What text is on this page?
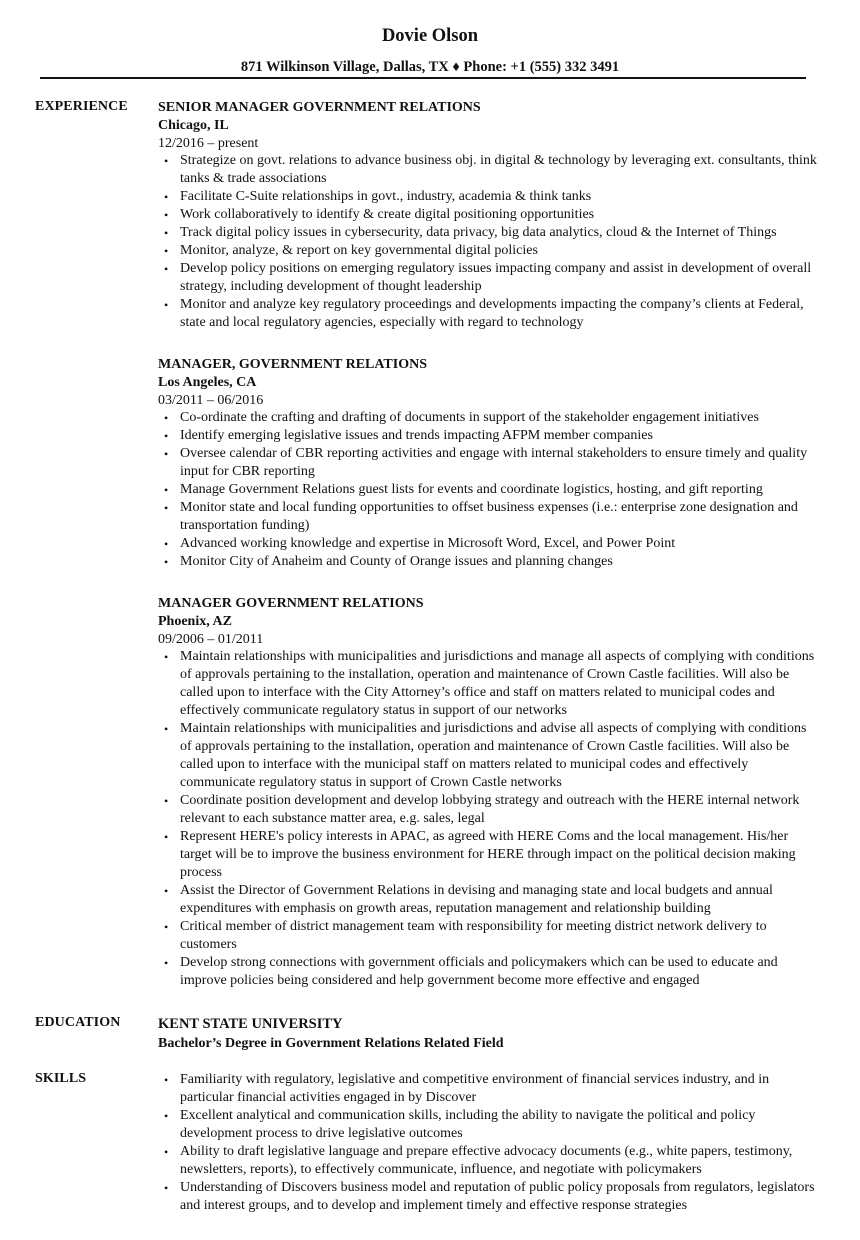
Dovie Olson
871 Wilkinson Village, Dallas, TX ♦ Phone: +1 (555) 332 3491
EXPERIENCE SENIOR MANAGER GOVERNMENT RELATIONS
Chicago, IL
12/2016 – present
• Strategize on govt. relations to advance business obj. in digital & technology by leveraging ext. consultants, think tanks & trade associations
• Facilitate C-Suite relationships in govt., industry, academia & think tanks
• Work collaboratively to identify & create digital positioning opportunities
• Track digital policy issues in cybersecurity, data privacy, big data analytics, cloud & the Internet of Things
• Monitor, analyze, & report on key governmental digital policies
• Develop policy positions on emerging regulatory issues impacting company and assist in development of overall strategy, including development of thought leadership
• Monitor and analyze key regulatory proceedings and developments impacting the company’s clients at Federal, state and local regulatory agencies, especially with regard to technology
MANAGER, GOVERNMENT RELATIONS
Los Angeles, CA
03/2011 – 06/2016
• Co-ordinate the crafting and drafting of documents in support of the stakeholder engagement initiatives
• Identify emerging legislative issues and trends impacting AFPM member companies
• Oversee calendar of CBR reporting activities and engage with internal stakeholders to ensure timely and quality input for CBR reporting
• Manage Government Relations guest lists for events and coordinate logistics, hosting, and gift reporting
• Monitor state and local funding opportunities to offset business expenses (i.e.: enterprise zone designation and transportation funding)
• Advanced working knowledge and expertise in Microsoft Word, Excel, and Power Point
• Monitor City of Anaheim and County of Orange issues and planning changes
MANAGER GOVERNMENT RELATIONS
Phoenix, AZ
09/2006 – 01/2011
• Maintain relationships with municipalities and jurisdictions and manage all aspects of complying with conditions of approvals pertaining to the installation, operation and maintenance of Crown Castle facilities. Will also be called upon to interface with the City Attorney’s office and staff on matters related to municipal codes and effectively communicate regulatory status in support of our networks
• Maintain relationships with municipalities and jurisdictions and advise all aspects of complying with conditions of approvals pertaining to the installation, operation and maintenance of Crown Castle facilities. Will also be called upon to interface with the municipal staff on matters related to municipal codes and effectively communicate regulatory status in support of Crown Castle networks
• Coordinate position development and develop lobbying strategy and outreach with the HERE internal network relevant to each substance matter area, e.g. sales, legal
• Represent HERE's policy interests in APAC, as agreed with HERE Coms and the local management. His/her target will be to improve the business environment for HERE through impact on the political decision making process
• Assist the Director of Government Relations in devising and managing state and local budgets and annual expenditures with emphasis on growth areas, reputation management and relationship building
• Critical member of district management team with responsibility for meeting district network delivery to customers
• Develop strong connections with government officials and policymakers which can be used to educate and improve policies being considered and help government become more effective and engaged
EDUCATION	KENT STATE UNIVERSITY
Bachelor’s Degree in Government Relations Related Field
SKILLS	• Familiarity with regulatory, legislative and competitive environment of financial services industry, and in particular financial activities engaged in by Discover
• Excellent analytical and communication skills, including the ability to navigate the political and policy development process to drive legislative outcomes
• Ability to draft legislative language and prepare effective advocacy documents (e.g., white papers, testimony, newsletters, reports), to effectively communicate, influence, and negotiate with policymakers
• Understanding of Discovers business model and reputation of public policy proposals from regulators, legislators and interest groups, and to develop and implement timely and effective response strategies
